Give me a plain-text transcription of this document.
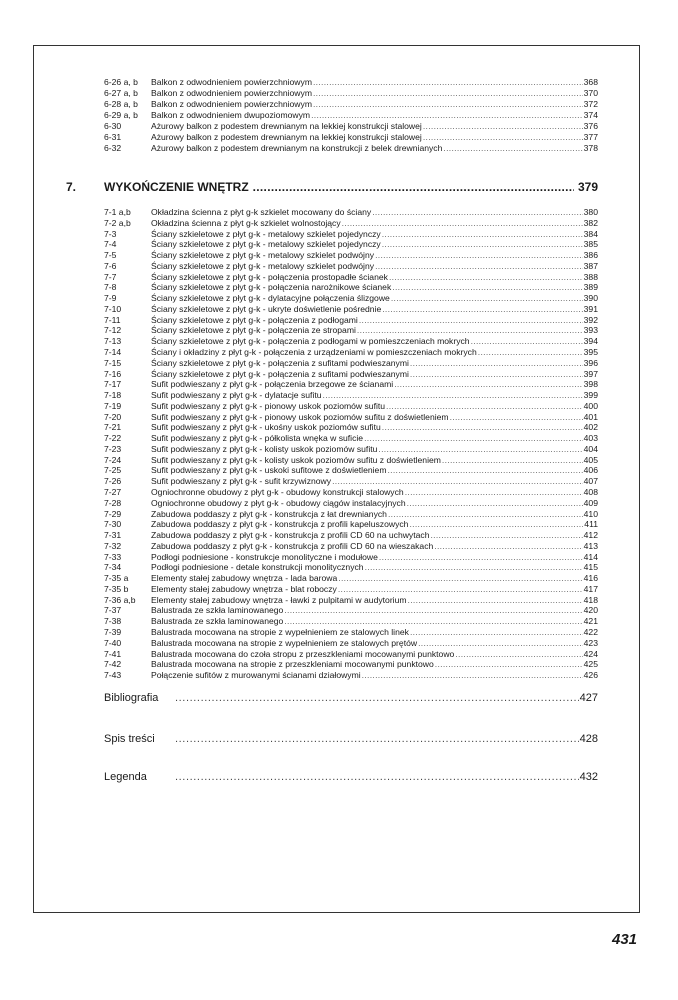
6-26 a, b	Balkon z odwodnieniem powierzchniowym .....	368
6-27 a, b	Balkon z odwodnieniem powierzchniowym .....	370
6-28 a, b	Balkon z odwodnieniem powierzchniowym .....	372
6-29 a, b	Balkon z odwodnieniem dwupoziomowym .....	374
6-30	Ażurowy balkon z podestem drewnianym na lekkiej konstrukcji stalowej .....	376
6-31	Ażurowy balkon z podestem drewnianym na lekkiej konstrukcji stalowej .....	377
6-32	Ażurowy balkon z podestem drewnianym na konstrukcji z belek drewnianych .....	378
7.	WYKOŃCZENIE WNĘTRZ .....	379
7-1 a,b	Okładzina ścienna z płyt g-k szkielet mocowany do ściany .....	380
7-2 a,b	Okładzina ścienna z płyt g-k szkielet wolnostojący .....	382
7-3	Ściany szkieletowe z płyt g-k - metalowy szkielet pojedynczy .....	384
7-4	Ściany szkieletowe z płyt g-k - metalowy szkielet pojedynczy .....	385
7-5	Ściany szkieletowe z płyt g-k - metalowy szkielet podwójny .....	386
7-6	Ściany szkieletowe z płyt g-k - metalowy szkielet podwójny .....	387
7-7	Ściany szkieletowe z płyt g-k - połączenia prostopadłe ścianek .....	388
7-8	Ściany szkieletowe z płyt g-k - połączenia narożnikowe ścianek .....	389
7-9	Ściany szkieletowe z płyt g-k - dylatacyjne połączenia ślizgowe .....	390
7-10	Ściany szkieletowe z płyt g-k - ukryte doświetlenie pośrednie .....	391
7-11	Ściany szkieletowe z płyt g-k - połączenia z podłogami .....	392
7-12	Ściany szkieletowe z płyt g-k - połączenia ze stropami .....	393
7-13	Ściany szkieletowe z płyt g-k - połączenia z podłogami w pomieszczeniach mokrych .....	394
7-14	Ściany i okładziny z płyt g-k - połączenia z urządzeniami w pomieszczeniach mokrych .....	395
7-15	Ściany szkieletowe z płyt g-k - połączenia z sufitami podwieszanymi .....	396
7-16	Ściany szkieletowe z płyt g-k - połączenia z sufitami podwieszanymi .....	397
7-17	Sufit podwieszany z płyt g-k - połączenia brzegowe ze ścianami .....	398
7-18	Sufit podwieszany z płyt g-k - dylatacje sufitu .....	399
7-19	Sufit podwieszany z płyt g-k - pionowy uskok poziomów sufitu .....	400
7-20	Sufit podwieszany z płyt g-k - pionowy uskok poziomów sufitu z doświetleniem .....	401
7-21	Sufit podwieszany z płyt g-k - ukośny uskok poziomów sufitu .....	402
7-22	Sufit podwieszany z płyt g-k - półkolista wnęka w suficie .....	403
7-23	Sufit podwieszany z płyt g-k - kolisty uskok poziomów sufitu .....	404
7-24	Sufit podwieszany z płyt g-k - kolisty uskok poziomów sufitu z doświetleniem .....	405
7-25	Sufit podwieszany z płyt g-k - uskoki sufitowe z doświetleniem .....	406
7-26	Sufit podwieszany z płyt g-k - sufit krzywiznowy .....	407
7-27	Ogniochronne obudowy z płyt g-k - obudowy konstrukcji stalowych .....	408
7-28	Ogniochronne obudowy z płyt g-k - obudowy ciągów instalacyjnych .....	409
7-29	Zabudowa poddaszy z płyt g-k - konstrukcja z łat drewnianych .....	410
7-30	Zabudowa poddaszy z płyt g-k - konstrukcja z profili kapeluszowych .....	411
7-31	Zabudowa poddaszy z płyt g-k - konstrukcja z profili CD 60 na uchwytach .....	412
7-32	Zabudowa poddaszy z płyt g-k - konstrukcja z profili CD 60 na wieszakach .....	413
7-33	Podłogi podniesione - konstrukcje monolityczne i modułowe .....	414
7-34	Podłogi podniesione - detale konstrukcji monolitycznych .....	415
7-35 a	Elementy stałej zabudowy wnętrza - lada barowa .....	416
7-35 b	Elementy stałej zabudowy wnętrza - blat roboczy .....	417
7-36 a,b	Elementy stałej zabudowy wnętrza - ławki z pulpitami w audytorium .....	418
7-37	Balustrada ze szkła laminowanego .....	420
7-38	Balustrada ze szkła laminowanego .....	421
7-39	Balustrada mocowana na stropie z wypełnieniem ze stalowych linek .....	422
7-40	Balustrada mocowana na stropie z wypełnieniem ze stalowych prętów .....	423
7-41	Balustrada mocowana do czoła stropu z przeszkleniami mocowanymi punktowo .....	424
7-42	Balustrada mocowana na stropie z przeszkleniami mocowanymi punktowo .....	425
7-43	Połączenie sufitów z murowanymi ścianami działowymi .....	426
Bibliografia .....	427
Spis treści .....	428
Legenda .....	432
431
